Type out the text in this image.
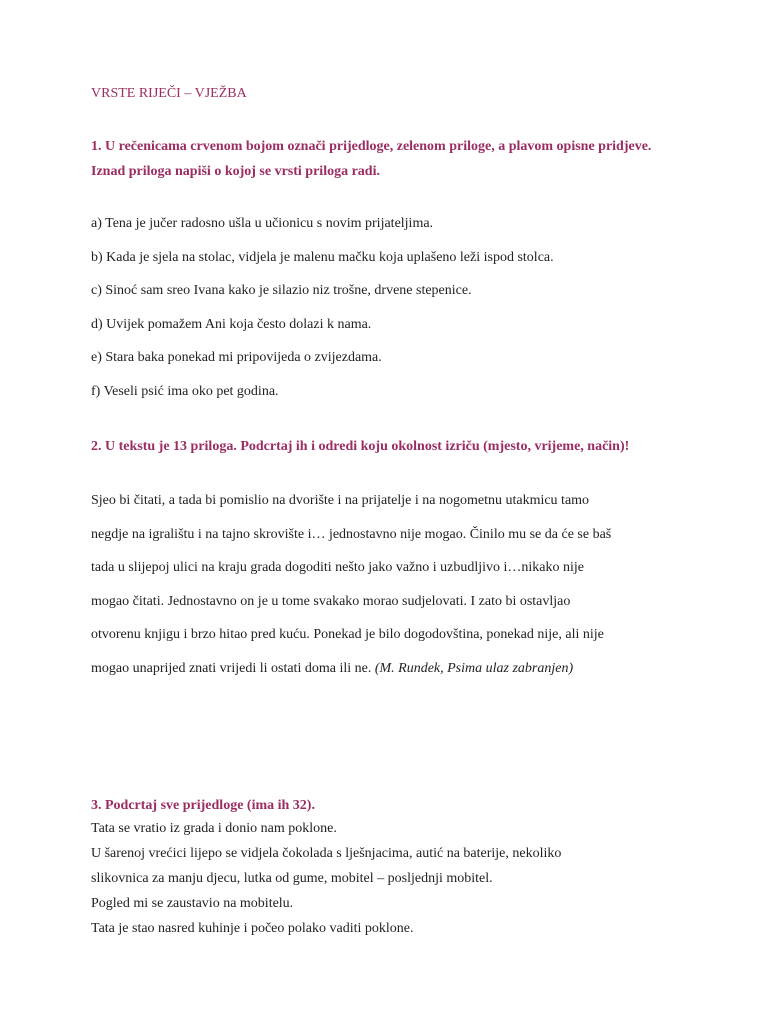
VRSTE RIJEČI – VJEŽBA
1. U rečenicama crvenom bojom označi prijedloge, zelenom priloge, a plavom opisne pridjeve. Iznad priloga napiši o kojoj se vrsti priloga radi.
a) Tena je jučer radosno ušla u učionicu s novim prijateljima.
b) Kada je sjela na stolac, vidjela je malenu mačku koja uplašeno leži ispod stolca.
c) Sinoć sam sreo Ivana kako je silazio niz trošne, drvene stepenice.
d) Uvijek pomažem Ani koja često dolazi k nama.
e) Stara baka ponekad mi pripovijeda o zvijezdama.
f) Veseli psić ima oko pet godina.
2. U tekstu je 13 priloga. Podcrtaj ih i odredi koju okolnost izriču (mjesto, vrijeme, način)!
Sjeo bi čitati, a tada bi pomislio na dvorište i na prijatelje i na nogometnu utakmicu tamo
negdje na igralištu i na tajno skrovište i… jednostavno nije mogao. Činilo mu se da će se baš
tada u slijepoj ulici na kraju grada dogoditi nešto jako važno i uzbudljivo i…nikako nije
mogao čitati. Jednostavno on je u tome svakako morao sudjelovati. I zato bi ostavljao
otvorenu knjigu i brzo hitao pred kuću. Ponekad je bilo dogodovština, ponekad nije, ali nije
mogao unaprijed znati vrijedi li ostati doma ili ne. (M. Rundek, Psima ulaz zabranjen)
3. Podcrtaj sve prijedloge (ima ih 32).
Tata se vratio iz grada i donio nam poklone.
U šarenoj vrećici lijepo se vidjela čokolada s lješnjacima, autić na baterije, nekoliko
slikovnica za manju djecu, lutka od gume, mobitel – posljednji mobitel.
Pogled mi se zaustavio na mobitelu.
Tata je stao nasred kuhinje i počeo polako vaditi poklone.
